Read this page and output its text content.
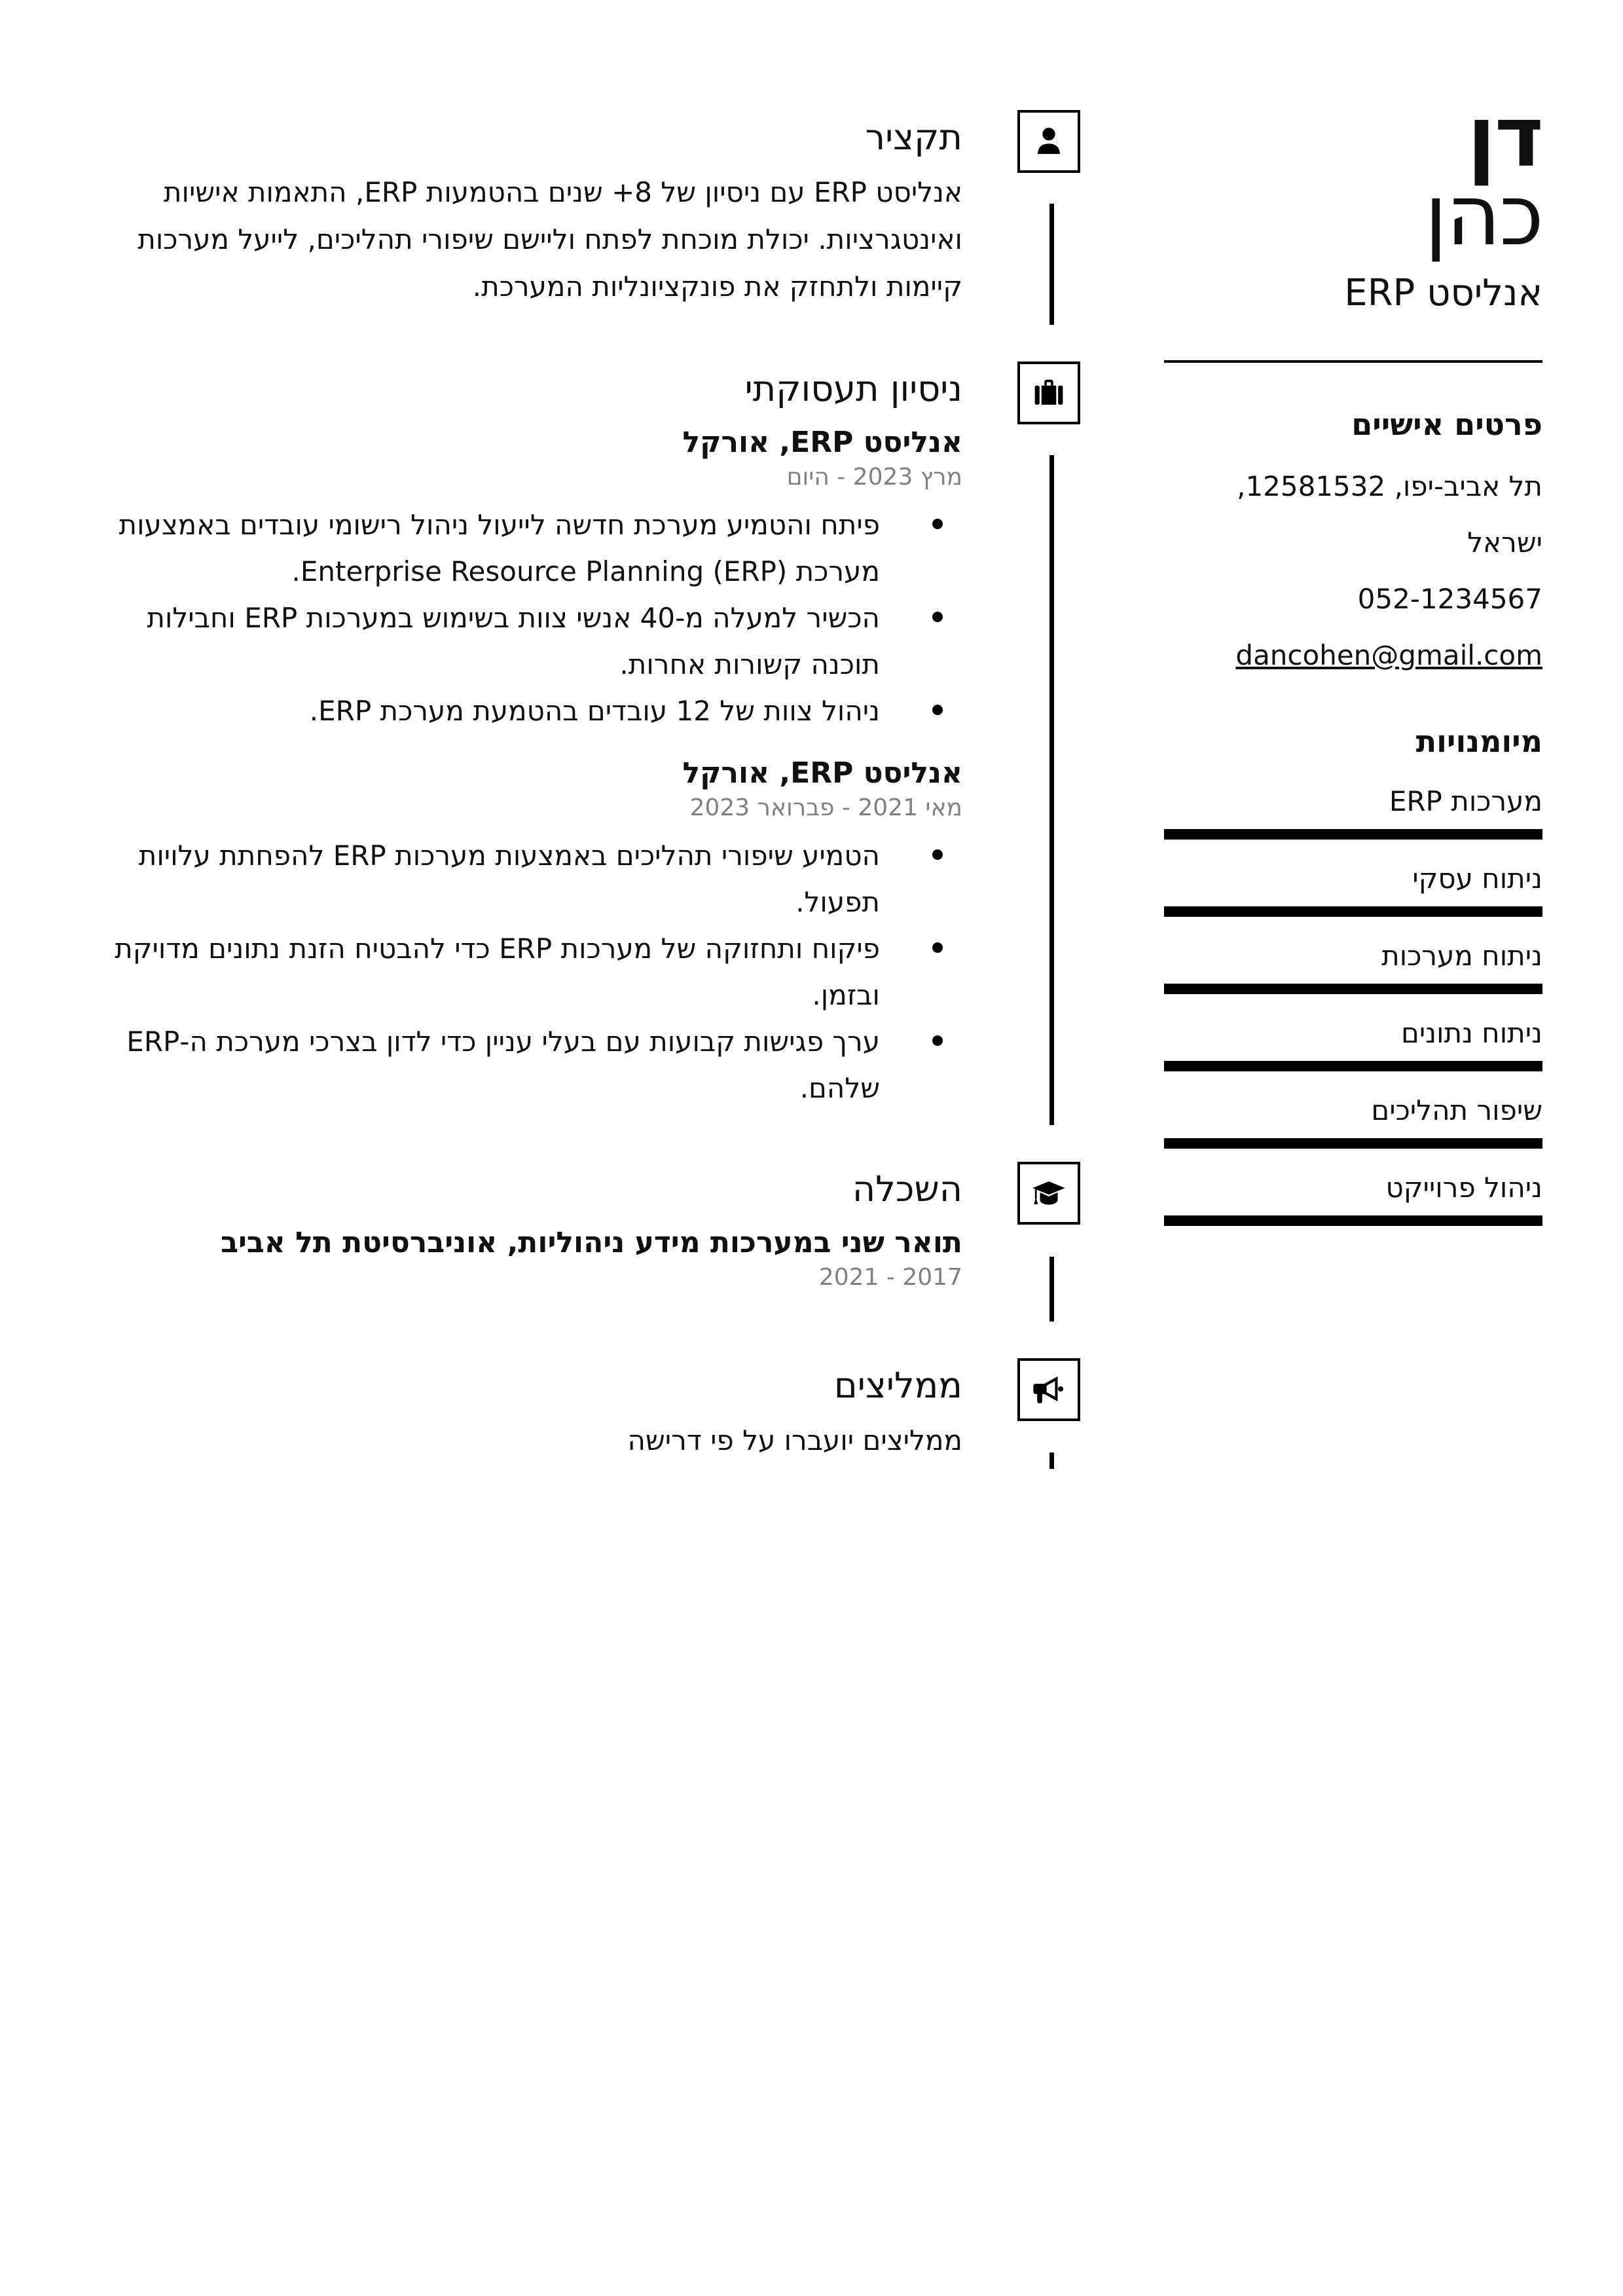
דן
כהן
אנליסט ERP
פרטים אישיים
תל אביב-יפו, 12581532, ישראל
052-1234567
dancohen@gmail.com
מיומנויות
מערכות ERP
ניתוח עסקי
ניתוח מערכות
ניתוח נתונים
שיפור תהליכים
ניהול פרוייקט
תקציר

אנליסט ERP עם ניסיון של 8+ שנים בהטמעות ERP, התאמות אישיות ואינטגרציות. יכולת מוכחת לפתח וליישם שיפורי תהליכים, לייעל מערכות קיימות ולתחזק את פונקציונליות המערכת.

ניסיון תעסוקתי
אנליסט ERP, אורקל
מרץ 2023 - היום
פיתח והטמיע מערכת חדשה לייעול ניהול רישומי עובדים באמצעות מערכת Enterprise Resource Planning (ERP).
הכשיר למעלה מ-40 אנשי צוות בשימוש במערכות ERP וחבילות תוכנה קשורות אחרות.
ניהול צוות של 12 עובדים בהטמעת מערכת ERP.
אנליסט ERP, אורקל
מאי 2021 - פברואר 2023
הטמיע שיפורי תהליכים באמצעות מערכות ERP להפחתת עלויות תפעול.
פיקוח ותחזוקה של מערכות ERP כדי להבטיח הזנת נתונים מדויקת ובזמן.
ערך פגישות קבועות עם בעלי עניין כדי לדון בצרכי מערכת ה-ERP שלהם.
השכלה
תואר שני במערכות מידע ניהוליות, אוניברסיטת תל אביב
2017 - 2021
ממליצים

ממליצים יועברו על פי דרישה
